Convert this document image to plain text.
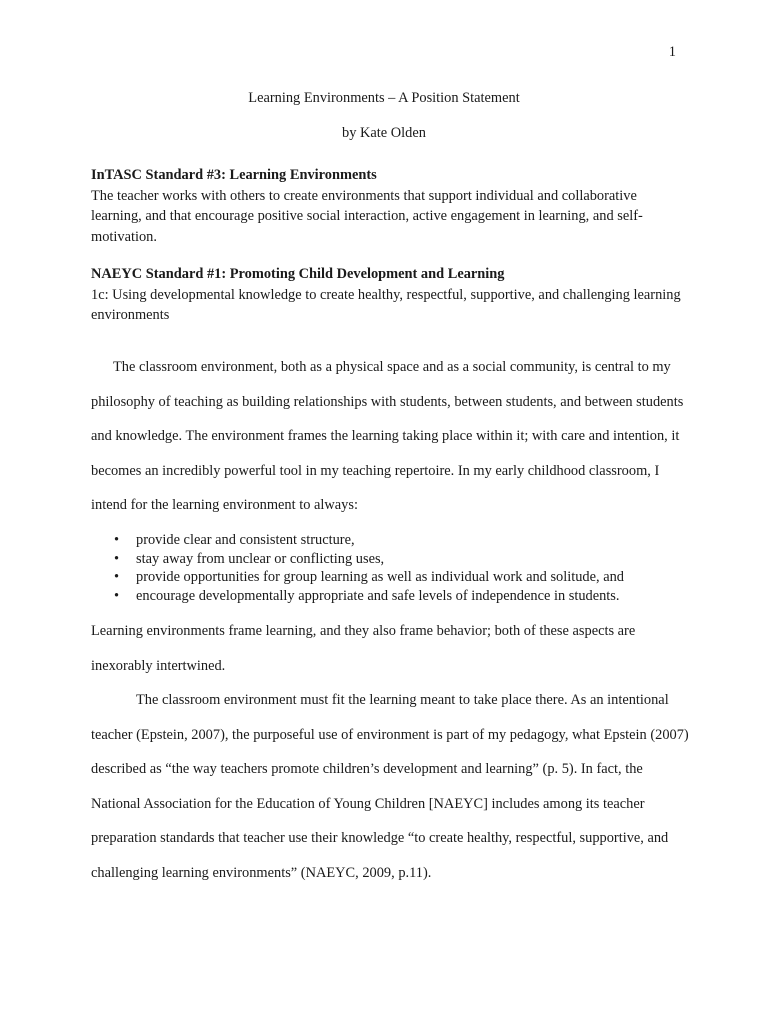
1
Learning Environments – A Position Statement
by Kate Olden
InTASC Standard #3: Learning Environments
The teacher works with others to create environments that support individual and collaborative learning, and that encourage positive social interaction, active engagement in learning, and self-motivation.
NAEYC Standard #1: Promoting Child Development and Learning
1c: Using developmental knowledge to create healthy, respectful, supportive, and challenging learning environments
The classroom environment, both as a physical space and as a social community, is central to my philosophy of teaching as building relationships with students, between students, and between students and knowledge. The environment frames the learning taking place within it; with care and intention, it becomes an incredibly powerful tool in my teaching repertoire. In my early childhood classroom, I intend for the learning environment to always:
• provide clear and consistent structure,
• stay away from unclear or conflicting uses,
• provide opportunities for group learning as well as individual work and solitude, and
• encourage developmentally appropriate and safe levels of independence in students.
Learning environments frame learning, and they also frame behavior; both of these aspects are inexorably intertwined.
The classroom environment must fit the learning meant to take place there. As an intentional teacher (Epstein, 2007), the purposeful use of environment is part of my pedagogy, what Epstein (2007) described as “the way teachers promote children’s development and learning” (p. 5). In fact, the National Association for the Education of Young Children [NAEYC] includes among its teacher preparation standards that teacher use their knowledge “to create healthy, respectful, supportive, and challenging learning environments” (NAEYC, 2009, p.11).
